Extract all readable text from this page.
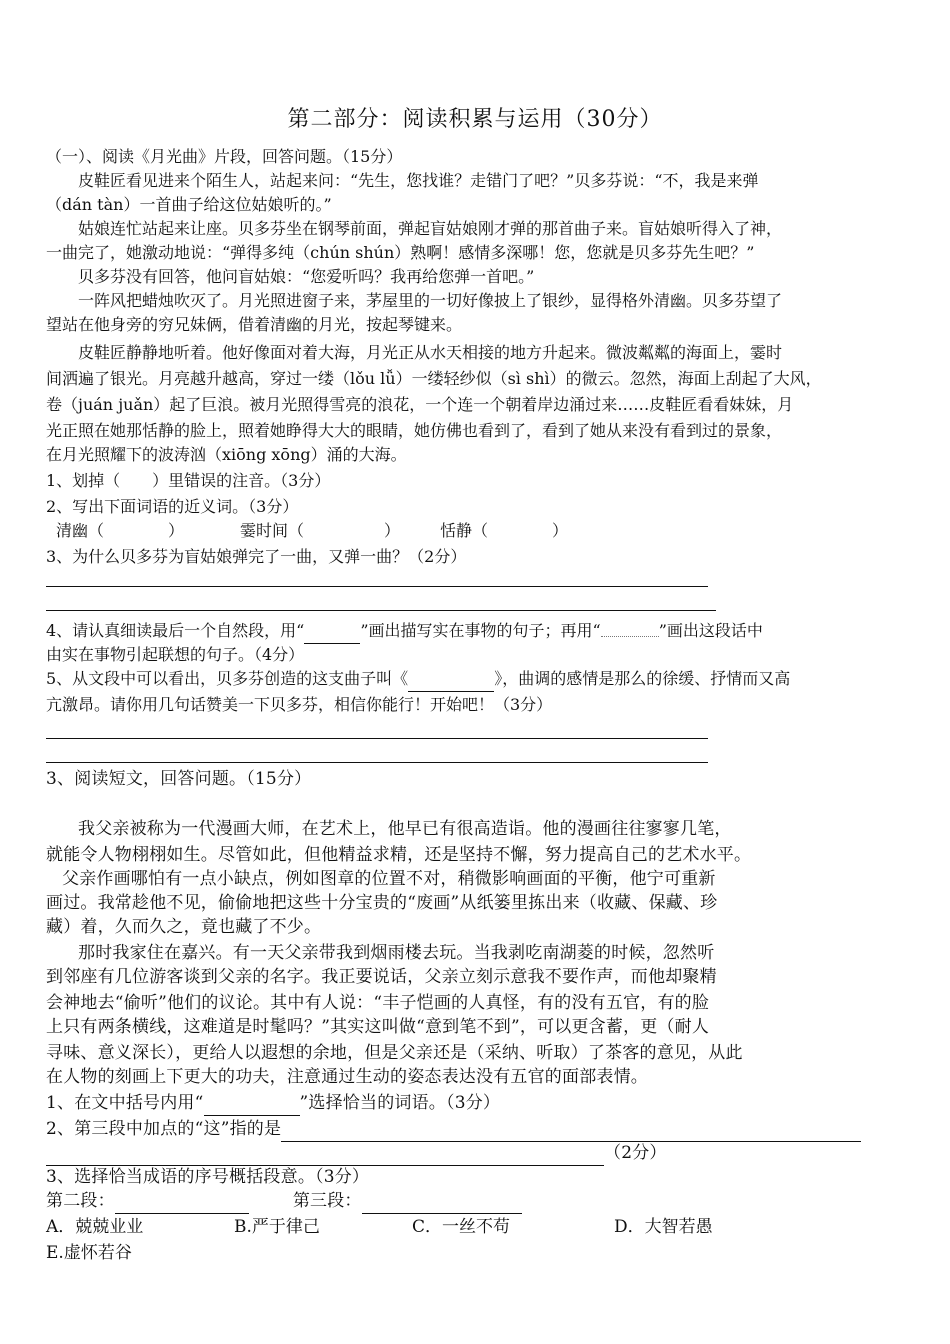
第二部分：阅读积累与运用（30分）
（一）、阅读《月光曲》片段，回答问题。（15分）
皮鞋匠看见进来个陌生人，站起来问：“先生，您找谁？走错门了吧？”贝多芬说：“不，我是来弹
（dán tàn）一首曲子给这位姑娘听的。”
姑娘连忙站起来让座。贝多芬坐在钢琴前面，弹起盲姑娘刚才弹的那首曲子来。盲姑娘听得入了神，
一曲完了，她激动地说：“弹得多纯（chún shún）熟啊！感情多深哪！您，您就是贝多芬先生吧？”
贝多芬没有回答，他问盲姑娘：“您爱听吗？我再给您弹一首吧。”
一阵风把蜡烛吹灭了。月光照进窗子来，茅屋里的一切好像披上了银纱，显得格外清幽。贝多芬望了
望站在他身旁的穷兄妹俩，借着清幽的月光，按起琴键来。
皮鞋匠静静地听着。他好像面对着大海，月光正从水天相接的地方升起来。微波粼粼的海面上，霎时
间洒遍了银光。月亮越升越高，穿过一缕（lǒu lǚ）一缕轻纱似（sì shì）的微云。忽然，海面上刮起了大风，
卷（juán juǎn）起了巨浪。被月光照得雪亮的浪花，一个连一个朝着岸边涌过来……皮鞋匠看看妹妹，月
光正照在她那恬静的脸上，照着她睁得大大的眼睛，她仿佛也看到了，看到了她从来没有看到过的景象，
在月光照耀下的波涛汹（xiōng xōng）涌的大海。
1、划掉（　　）里错误的注音。（3分）
2、写出下面词语的近义词。（3分）
清幽（　　　　）	霎时间（　　　　　）	恬静（　　　　）
3、为什么贝多芬为盲姑娘弹完了一曲，又弹一曲？（2分）
4、请认真细读最后一个自然段，用“	”画出描写实在事物的句子；再用“	”画出这段话中
由实在事物引起联想的句子。（4分）
5、从文段中可以看出，贝多芬创造的这支曲子叫《	》，曲调的感情是那么的徐缓、抒情而又高
亢激昂。请你用几句话赞美一下贝多芬，相信你能行！开始吧！（3分）
3、阅读短文，回答问题。（15分）
我父亲被称为一代漫画大师，在艺术上，他早已有很高造诣。他的漫画往往寥寥几笔，
就能令人物栩栩如生。尽管如此，但他精益求精，还是坚持不懈，努力提高自己的艺术水平。
父亲作画哪怕有一点小缺点，例如图章的位置不对，稍微影响画面的平衡，他宁可重新
画过。我常趁他不见，偷偷地把这些十分宝贵的“废画”从纸篓里拣出来（收藏、保藏、珍
藏）着，久而久之，竟也藏了不少。
那时我家住在嘉兴。有一天父亲带我到烟雨楼去玩。当我剥吃南湖菱的时候，忽然听
到邻座有几位游客谈到父亲的名字。我正要说话，父亲立刻示意我不要作声，而他却聚精
会神地去“偷听”他们的议论。其中有人说：“丰子恺画的人真怪，有的没有五官，有的脸
上只有两条横线，这难道是时髦吗？”其实这叫做“意到笔不到”，可以更含蓄，更（耐人
寻味、意义深长），更给人以遐想的余地，但是父亲还是（采纳、听取）了茶客的意见，从此
在人物的刻画上下更大的功夫，注意通过生动的姿态表达没有五官的面部表情。
1、在文中括号内用“	”选择恰当的词语。（3分）
2、第三段中加点的“这”指的是
（2分）
3、选择恰当成语的序号概括段意。（3分）
第二段：	第三段：
A．兢兢业业	B.严于律己	C．一丝不苟	D．大智若愚
E.虚怀若谷
